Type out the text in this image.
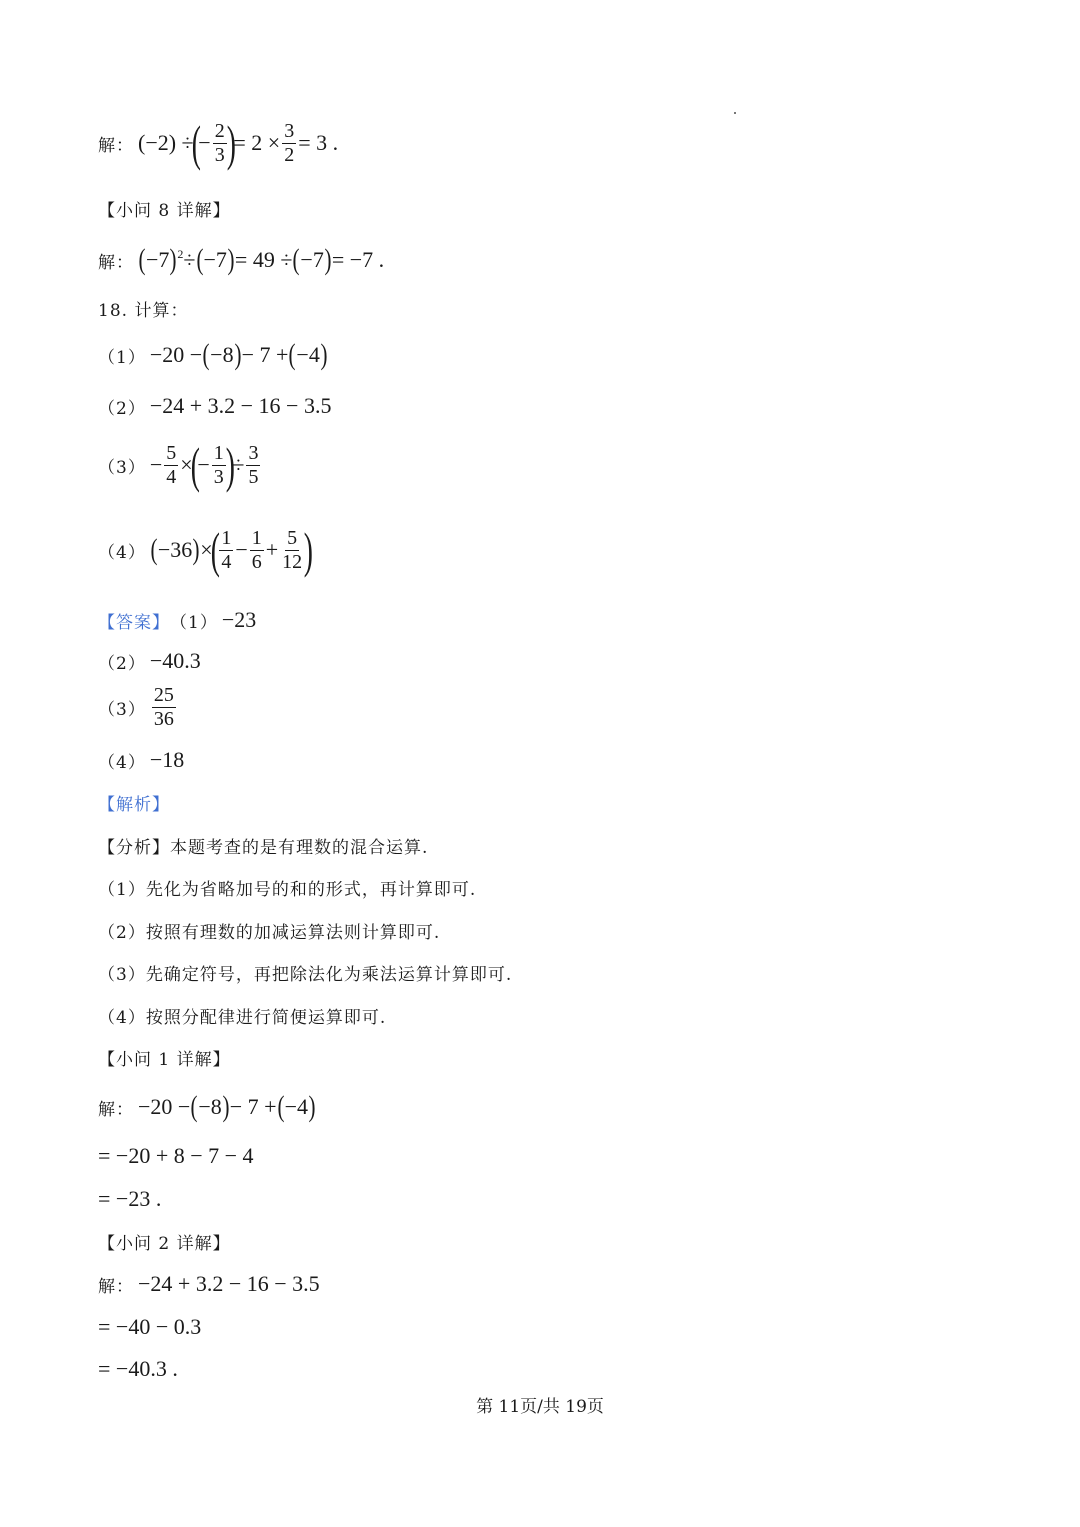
解： (−2) ÷
(
− $\frac{2}{3}$ )
= $2 \times \frac{3}{2} = 3$ .
【小问 8 详解】
解： ( −7 )$^2$ ÷ ( −7 ) = 49 ÷ ( −7 ) = −7 .
18. 计算：
（1） −20 − ( −8 ) − 7 + ( −4 )
（2） −24 + 3.2 − 16 − 3.5
$(3) - \frac{5}{4}$ ×
(
− $\frac{1}{3}$ )
÷ $\frac{3}{5}$
（4） ( −36 ) ×
( $\frac{1}{4} - \frac{1}{6} + \frac{5}{12}$ )
【答案】 （1） −23
（2） −40.3
$(3) \frac{25}{36}$
（4） −18
【解析】
【分析】 本题考查的是有理数的混合运算.
（1）先化为省略加号的和的形式，再计算即可.
（2）按照有理数的加减运算法则计算即可.
（3）先确定符号，再把除法化为乘法运算计算即可.
（4）按照分配律进行简便运算即可.
【小问 1 详解】
解： −20 − ( −8 ) − 7 + ( −4 )
= −20 + 8 − 7 − 4
= −23 .
【小问 2 详解】
解： −24 + 3.2 − 16 − 3.5
= −40 − 0.3
= −40.3 .
第 11页/共 19页
